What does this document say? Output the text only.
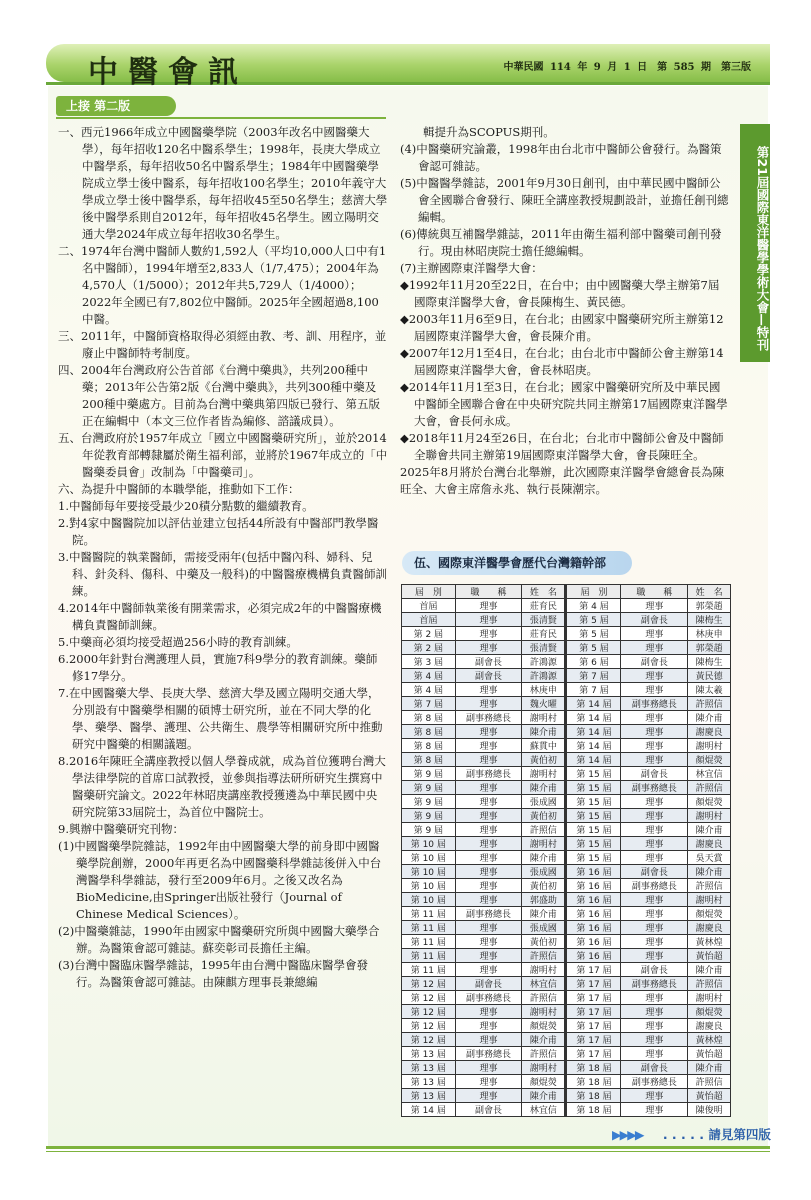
中醫會訊	中華民國 114 年 9 月 1 日　第 585 期　第三版
上接 第二版

一、西元1966年成立中國醫藥學院（2003年改名中國醫藥大學），每年招收120名中醫系學生；1998年，長庚大學成立中醫學系，每年招收50名中醫系學生；1984年中國醫藥學院成立學士後中醫系，每年招收100名學生；2010年義守大學成立學士後中醫學系，每年招收45至50名學生；慈濟大學後中醫學系則自2012年，每年招收45名學生。國立陽明交通大學2024年成立每年招收30名學生。

二、1974年台灣中醫師人數約1,592人（平均10,000人口中有1名中醫師），1994年增至2,833人（1/7,475）；2004年為4,570人（1/5000）；2012年共5,729人（1/4000）；2022年全國已有7,802位中醫師。2025年全國超過8,100中醫。

三、2011年，中醫師資格取得必須經由教、考、訓、用程序，並廢止中醫師特考制度。

四、2004年台灣政府公告首部《台灣中藥典》，共列200種中藥；2013年公告第2版《台灣中藥典》，共列300種中藥及200種中藥處方。目前為台灣中藥典第四版已發行、第五版正在編輯中（本文三位作者皆為編修、諮議成員）。

五、台灣政府於1957年成立「國立中國醫藥研究所」，並於2014年從教育部轉隸屬於衛生福利部，並將於1967年成立的「中醫藥委員會」改制為「中醫藥司」。

六、為提升中醫師的本職學能，推動如下工作：

1.中醫師每年要接受最少20積分點數的繼續教育。

2.對4家中醫醫院加以評估並建立包括44所設有中醫部門教學醫院。

3.中醫醫院的執業醫師，需接受兩年(包括中醫內科、婦科、兒科、針灸科、傷科、中藥及一般科)的中醫醫療機構負責醫師訓練。

4.2014年中醫師執業後有開業需求，必須完成2年的中醫醫療機構負責醫師訓練。

5.中藥商必須均接受超過256小時的教育訓練。

6.2000年針對台灣護理人員，實施7科9學分的教育訓練。藥師修17學分。

7.在中國醫藥大學、長庚大學、慈濟大學及國立陽明交通大學，分別設有中醫藥學相關的碩博士研究所，並在不同大學的化學、藥學、醫學、護理、公共衛生、農學等相關研究所中推動研究中醫藥的相關議題。

8.2016年陳旺全講座教授以個人學養成就，成為首位獲聘台灣大學法律學院的首席口試教授，並參與指導法研所研究生撰寫中醫藥研究論文。2022年林昭庚講座教授獲遴為中華民國中央研究院第33屆院士，為首位中醫院士。

9.興辦中醫藥研究刊物：

(1)中國醫藥學院雜誌，1992年由中國醫藥大學的前身即中國醫藥學院創辦，2000年再更名為中國醫藥科學雜誌後併入中台灣醫學科學雜誌，發行至2009年6月。之後又改名為BioMedicine,由Springer出版社發行（Journal of Chinese Medical Sciences）。

(2)中醫藥雜誌，1990年由國家中醫藥研究所與中國醫大藥學合辦。為醫策會認可雜誌。蘇奕彰司長擔任主編。

(3)台灣中醫臨床醫學雜誌，1995年由台灣中醫臨床醫學會發行。為醫策會認可雜誌。由陳麒方理事長兼總編

　　輯提升為SCOPUS期刊。

(4)中醫藥研究論叢，1998年由台北市中醫師公會發行。為醫策會認可雜誌。

(5)中醫醫學雜誌，2001年9月30日創刊，由中華民國中醫師公會全國聯合會發行、陳旺全講座教授規劃設計，並擔任創刊總編輯。

(6)傳統與互補醫學雜誌，2011年由衛生福利部中醫藥司創刊發行。現由林昭庚院士擔任總編輯。

(7)主辦國際東洋醫學大會：

◆1992年11月20至22日，在台中；由中國醫藥大學主辦第7屆國際東洋醫學大會，會長陳梅生、黃民德。

◆2003年11月6至9日，在台北；由國家中醫藥研究所主辦第12屆國際東洋醫學大會，會長陳介甫。

◆2007年12月1至4日，在台北；由台北市中醫師公會主辦第14屆國際東洋醫學大會，會長林昭庚。

◆2014年11月1至3日，在台北；國家中醫藥研究所及中華民國中醫師全國聯合會在中央研究院共同主辦第17屆國際東洋醫學大會，會長何永成。

◆2018年11月24至26日，在台北；台北市中醫師公會及中醫師全聯會共同主辦第19屆國際東洋醫學大會，會長陳旺全。

2025年8月將於台灣台北舉辦，此次國際東洋醫學會總會長為陳旺全、大會主席詹永兆、執行長陳潮宗。

第21屆國際東洋醫學學術大會—特刊
伍、國際東洋醫學會歷代台灣籍幹部
屆　別	職　　稱	姓　名	屆　別	職　　稱	姓　名
首屆	理事	莊育民	第 4 屆	理事	郭榮趙
首屆	理事	張清賢	第 5 屆	副會長	陳梅生
第 2 屆	理事	莊育民	第 5 屆	理事	林庚申
第 2 屆	理事	張清賢	第 5 屆	理事	郭榮趙
第 3 屆	副會長	許鴻源	第 6 屆	副會長	陳梅生
第 4 屆	副會長	許鴻源	第 7 屆	理事	黃民德
第 4 屆	理事	林庚申	第 7 屆	理事	陳太羲
第 7 屆	理事	魏火曜	第 14 屆	副事務總長	許照信
第 8 屆	副事務總長	謝明村	第 14 屆	理事	陳介甫
第 8 屆	理事	陳介甫	第 14 屆	理事	謝慶良
第 8 屆	理事	蘇貫中	第 14 屆	理事	謝明村
第 8 屆	理事	黃伯初	第 14 屆	理事	顏焜熒
第 9 屆	副事務總長	謝明村	第 15 屆	副會長	林宜信
第 9 屆	理事	陳介甫	第 15 屆	副事務總長	許照信
第 9 屆	理事	張成國	第 15 屆	理事	顏焜熒
第 9 屆	理事	黃伯初	第 15 屆	理事	謝明村
第 9 屆	理事	許照信	第 15 屆	理事	陳介甫
第 10 屆	理事	謝明村	第 15 屆	理事	謝慶良
第 10 屆	理事	陳介甫	第 15 屆	理事	吳天賞
第 10 屆	理事	張成國	第 16 屆	副會長	陳介甫
第 10 屆	理事	黃伯初	第 16 屆	副事務總長	許照信
第 10 屆	理事	郭盛助	第 16 屆	理事	謝明村
第 11 屆	副事務總長	陳介甫	第 16 屆	理事	顏焜熒
第 11 屆	理事	張成國	第 16 屆	理事	謝慶良
第 11 屆	理事	黃伯初	第 16 屆	理事	黃林煌
第 11 屆	理事	許照信	第 16 屆	理事	黃怡超
第 11 屆	理事	謝明村	第 17 屆	副會長	陳介甫
第 12 屆	副會長	林宜信	第 17 屆	副事務總長	許照信
第 12 屆	副事務總長	許照信	第 17 屆	理事	謝明村
第 12 屆	理事	謝明村	第 17 屆	理事	顏焜熒
第 12 屆	理事	顏焜熒	第 17 屆	理事	謝慶良
第 12 屆	理事	陳介甫	第 17 屆	理事	黃林煌
第 13 屆	副事務總長	許照信	第 17 屆	理事	黃怡超
第 13 屆	理事	謝明村	第 18 屆	副會長	陳介甫
第 13 屆	理事	顏焜熒	第 18 屆	副事務總長	許照信
第 13 屆	理事	陳介甫	第 18 屆	理事	黃怡超
第 14 屆	副會長	林宜信	第 18 屆	理事	陳俊明
▶▶▶▶ . . . . . 請見第四版
